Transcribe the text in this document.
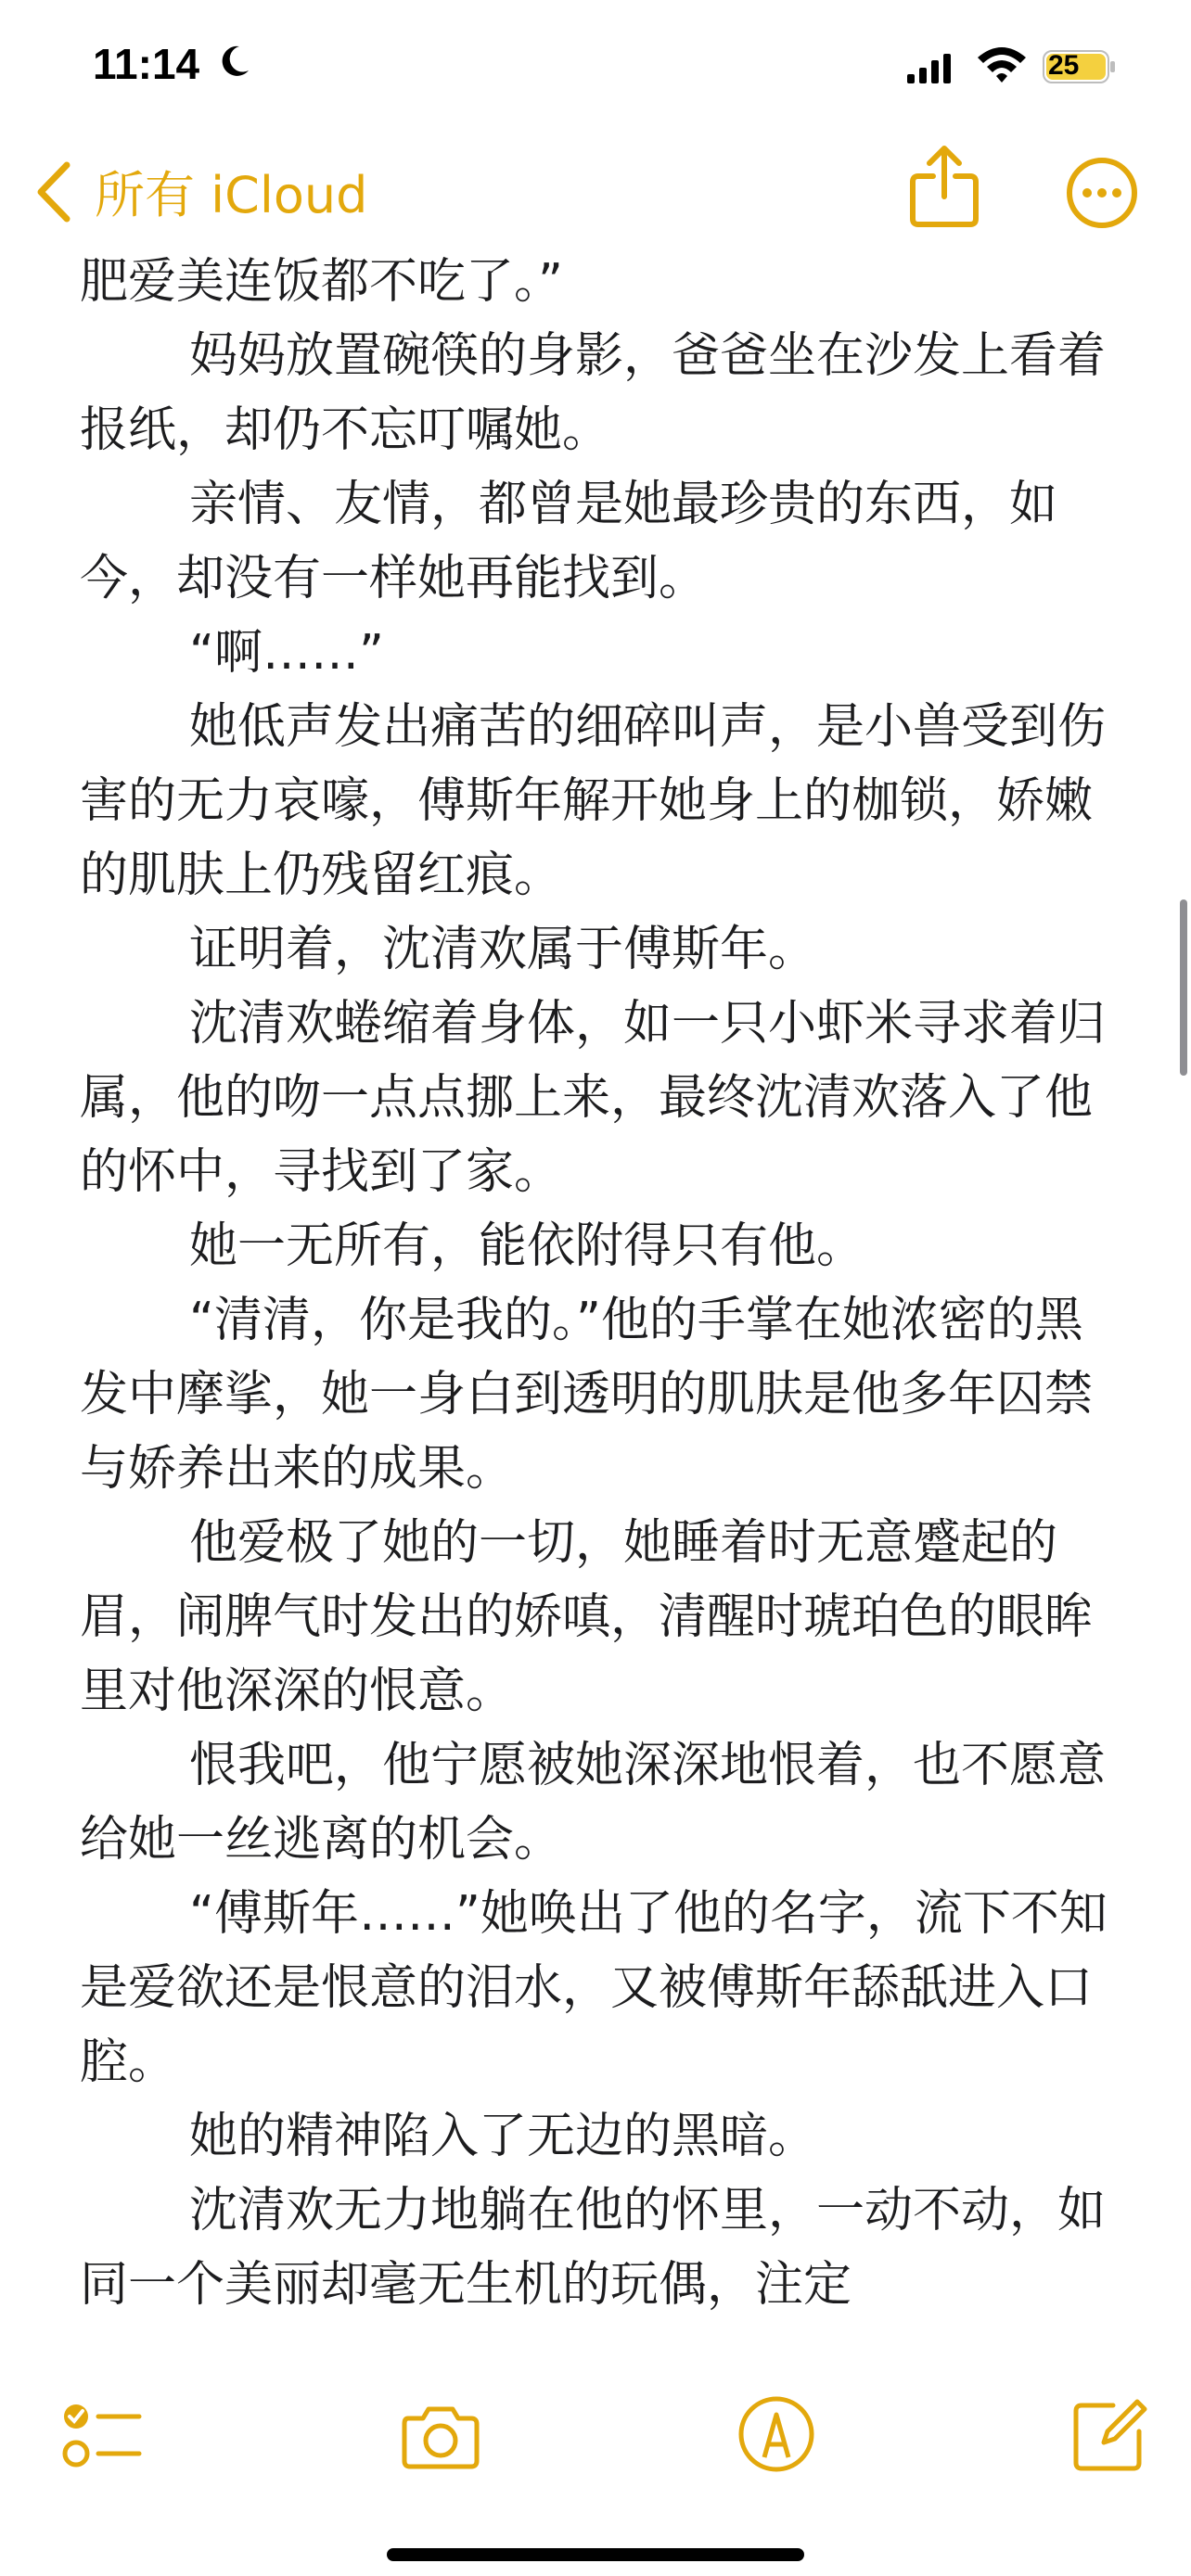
11:14	25
所有 iCloud

肥爱美连饭都不吃了。”

妈妈放置碗筷的身影，爸爸坐在沙发上看着报纸，却仍不忘叮嘱她。

亲情、友情，都曾是她最珍贵的东西，如今，却没有一样她再能找到。

“啊……”

她低声发出痛苦的细碎叫声，是小兽受到伤害的无力哀嚎，傅斯年解开她身上的枷锁，娇嫩的肌肤上仍残留红痕。

证明着，沈清欢属于傅斯年。

沈清欢蜷缩着身体，如一只小虾米寻求着归属，他的吻一点点挪上来，最终沈清欢落入了他的怀中，寻找到了家。

她一无所有，能依附得只有他。

“清清，你是我的。”他的手掌在她浓密的黑发中摩挲，她一身白到透明的肌肤是他多年囚禁与娇养出来的成果。

他爱极了她的一切，她睡着时无意蹙起的眉，闹脾气时发出的娇嗔，清醒时琥珀色的眼眸里对他深深的恨意。

恨我吧，他宁愿被她深深地恨着，也不愿意给她一丝逃离的机会。

“傅斯年……”她唤出了他的名字，流下不知是爱欲还是恨意的泪水，又被傅斯年舔舐进入口腔。

她的精神陷入了无边的黑暗。

沈清欢无力地躺在他的怀里，一动不动，如同一个美丽却毫无生机的玩偶，注定
